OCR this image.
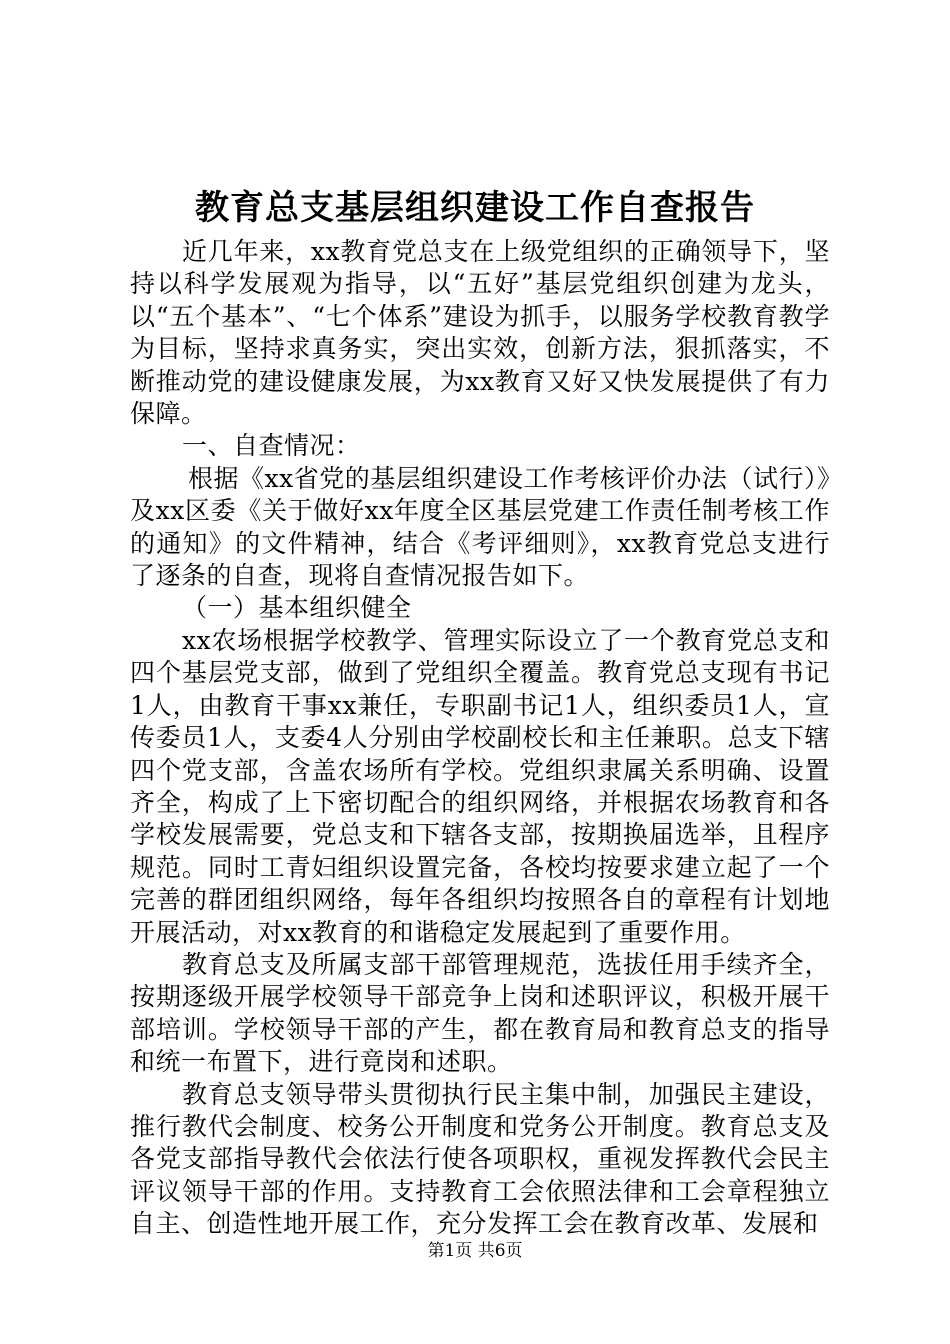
教育总支基层组织建设工作自查报告

近几年来，xx教育党总支在上级党组织的正确领导下，坚持以科学发展观为指导，以“五好”基层党组织创建为龙头，以“五个基本”、“七个体系”建设为抓手，以服务学校教育教学为目标，坚持求真务实，突出实效，创新方法，狠抓落实，不断推动党的建设健康发展，为xx教育又好又快发展提供了有力保障。

一、自查情况：

根据《xx省党的基层组织建设工作考核评价办法（试行）》及xx区委《关于做好xx年度全区基层党建工作责任制考核工作的通知》的文件精神，结合《考评细则》，xx教育党总支进行了逐条的自查，现将自查情况报告如下。

（一）基本组织健全

xx农场根据学校教学、管理实际设立了一个教育党总支和四个基层党支部，做到了党组织全覆盖。教育党总支现有书记1人，由教育干事xx兼任，专职副书记1人，组织委员1人，宣传委员1人，支委4人分别由学校副校长和主任兼职。总支下辖四个党支部，含盖农场所有学校。党组织隶属关系明确、设置齐全，构成了上下密切配合的组织网络，并根据农场教育和各学校发展需要，党总支和下辖各支部，按期换届选举，且程序规范。同时工青妇组织设置完备，各校均按要求建立起了一个完善的群团组织网络，每年各组织均按照各自的章程有计划地开展活动，对xx教育的和谐稳定发展起到了重要作用。

教育总支及所属支部干部管理规范，选拔任用手续齐全，按期逐级开展学校领导干部竞争上岗和述职评议，积极开展干部培训。学校领导干部的产生，都在教育局和教育总支的指导和统一布置下，进行竟岗和述职。

教育总支领导带头贯彻执行民主集中制，加强民主建设，推行教代会制度、校务公开制度和党务公开制度。教育总支及各党支部指导教代会依法行使各项职权，重视发挥教代会民主评议领导干部的作用。支持教育工会依照法律和工会章程独立自主、创造性地开展工作，充分发挥工会在教育改革、发展和

第1页 共6页
